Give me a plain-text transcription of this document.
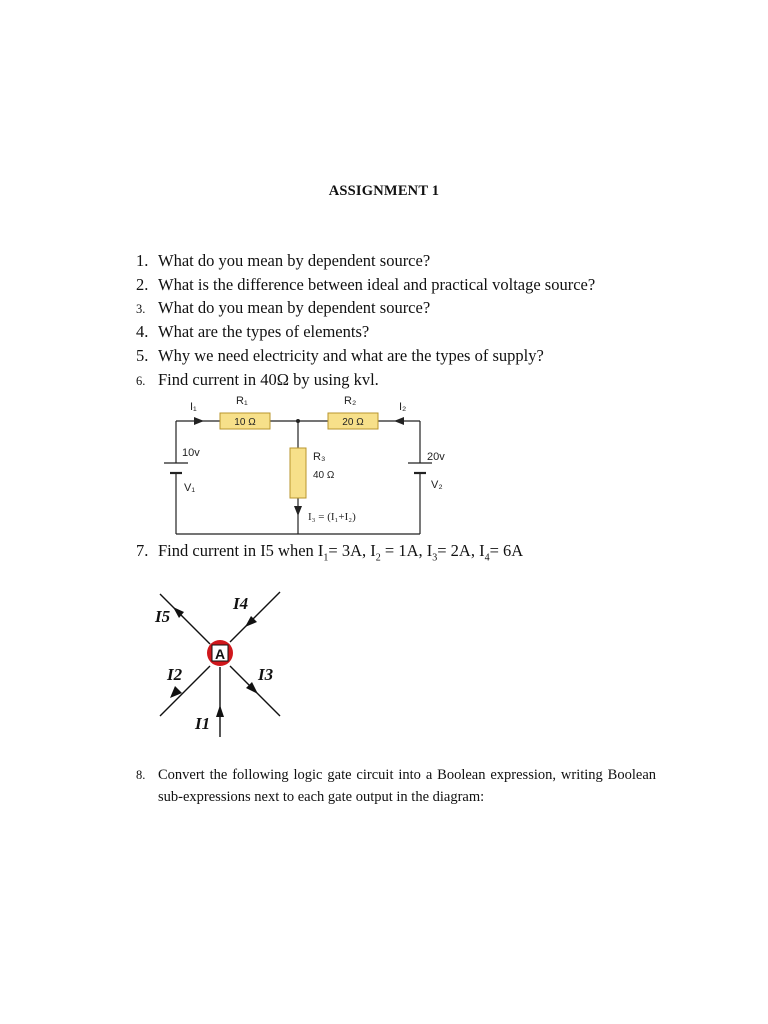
ASSIGNMENT 1
1. What do you mean by dependent source?
2. What is the difference between ideal and practical voltage source?
3. What do you mean by dependent source?
4. What are the types of elements?
5. Why we need electricity and what are the types of supply?
6. Find current in 40Ω by using kvl.
I₁	R₁
10 Ω
R₂
20 Ω
I₂
10v
V₁
R₃
40 Ω
20v
V₂
I₃ = (I₁+I₂)
7. Find current in I5 when $I_1= 3A$, $I_2 = 1A$, $I_3= 2A$, $I_4= 6A$
A
I5
I4
I2	I3
I1
8. Convert the following logic gate circuit into a Boolean expression, writing Boolean sub-expressions next to each gate output in the diagram:
